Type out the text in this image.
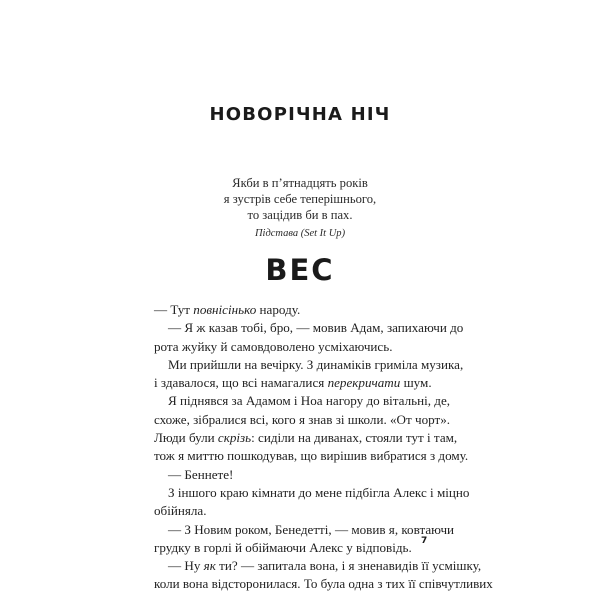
НОВОРІЧНА НІЧ
Якби в п’ятнадцять років
я зустрів себе теперішнього,
то зацідив би в пах.
Підстава (Set It Up)
ВЕС
— Тут повнісінько народу.
— Я ж казав тобі, бро, — мовив Адам, запихаючи до
рота жуйку й самовдоволено усміхаючись.
Ми прийшли на вечірку. З динаміків гриміла музика,
і здавалося, що всі намагалися перекричати шум.
Я піднявся за Адамом і Ноа нагору до вітальні, де,
схоже, зібралися всі, кого я знав зі школи. «От чорт».
Люди були скрізь: сиділи на диванах, стояли тут і там,
тож я миттю пошкодував, що вирішив вибратися з дому.
— Беннете!
З іншого краю кімнати до мене підбігла Алекс і міцно
обійняла.
— З Новим роком, Бенедетті, — мовив я, ковтаючи
грудку в горлі й обіймаючи Алекс у відповідь.
— Ну як ти? — запитала вона, і я зненавидів її усмішку,
коли вона відсторонилася. То була одна з тих її співчутливих
7
